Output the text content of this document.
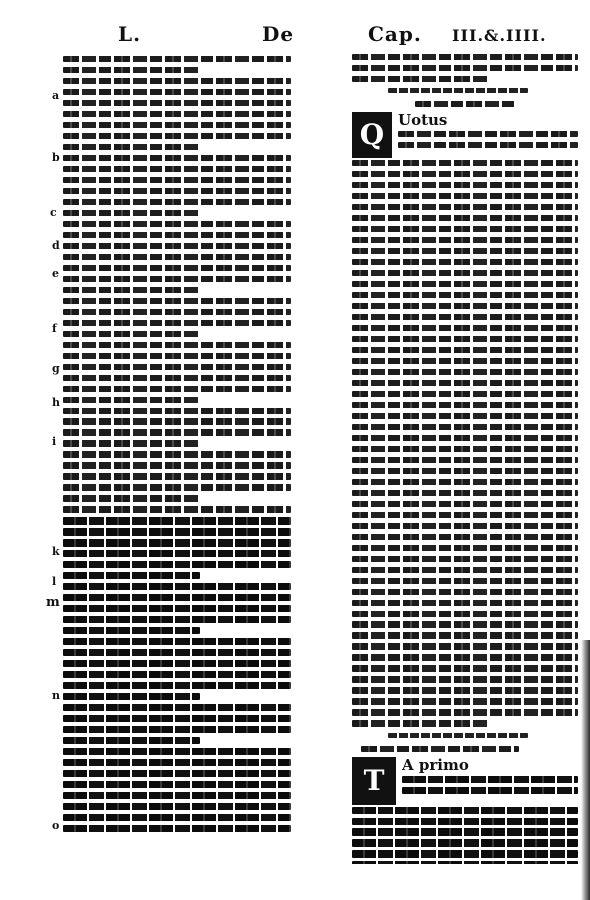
L.	De	Cap. III.&.IIII.
a
b
c
d
e
f
g
h
i
k
l
m
n
o
Q Uotus
T	A primo
